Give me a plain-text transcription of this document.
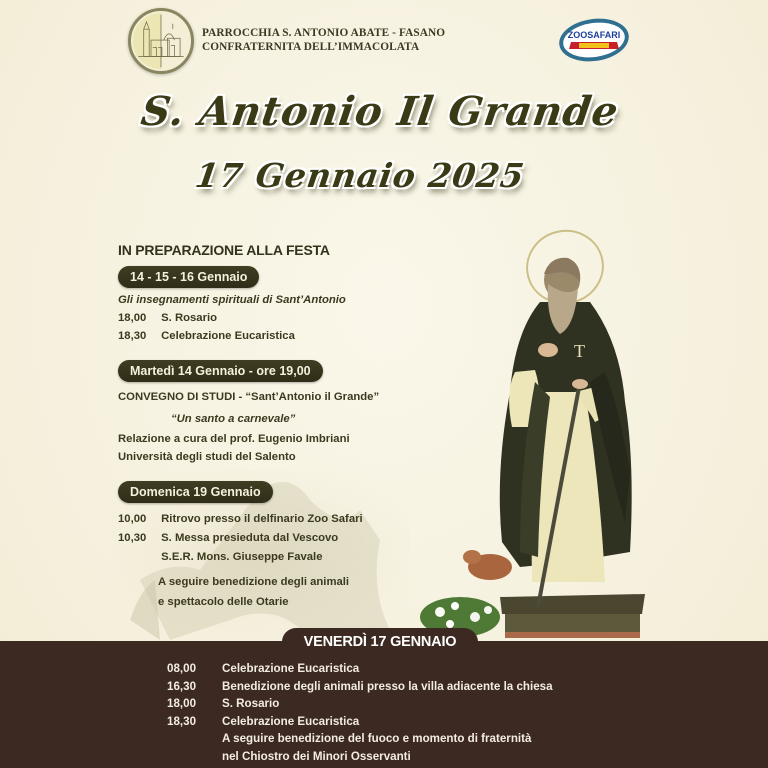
PARROCCHIA S. ANTONIO ABATE - FASANO
CONFRATERNITA DELL’IMMACOLATA
ZOOSAFARI
S. Antonio Il Grande
17 Gennaio 2025
IN PREPARAZIONE ALLA FESTA
14 - 15 - 16 Gennaio
Gli insegnamenti spirituali di Sant’Antonio
18,00 S. Rosario
18,30 Celebrazione Eucaristica
Martedì 14 Gennaio - ore 19,00
CONVEGNO DI STUDI - “Sant’Antonio il Grande”
“Un santo a carnevale”
Relazione a cura del prof. Eugenio Imbriani
Università degli studi del Salento
Domenica 19 Gennaio
10,00 Ritrovo presso il delfinario Zoo Safari
10,30 S. Messa presieduta dal Vescovo
S.E.R. Mons. Giuseppe Favale
A seguire benedizione degli animali
e spettacolo delle Otarie
T
VENERDÌ 17 GENNAIO
08,00 Celebrazione Eucaristica
16,30 Benedizione degli animali presso la villa adiacente la chiesa
18,00 S. Rosario
18,30 Celebrazione Eucaristica
A seguire benedizione del fuoco e momento di fraternità
nel Chiostro dei Minori Osservanti
